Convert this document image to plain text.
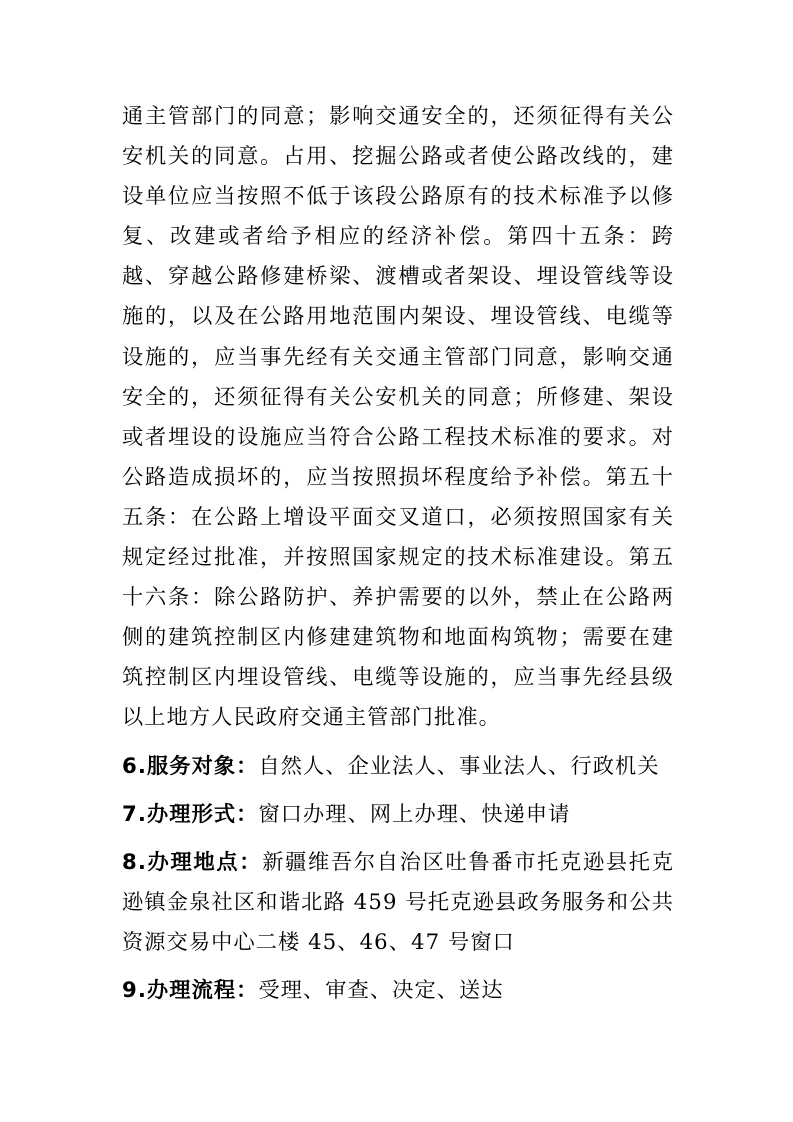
通主管部门的同意；影响交通安全的，还须征得有关公安机关的同意。占用、挖掘公路或者使公路改线的，建设单位应当按照不低于该段公路原有的技术标准予以修复、改建或者给予相应的经济补偿。第四十五条：跨越、穿越公路修建桥梁、渡槽或者架设、埋设管线等设施的，以及在公路用地范围内架设、埋设管线、电缆等设施的，应当事先经有关交通主管部门同意，影响交通安全的，还须征得有关公安机关的同意；所修建、架设或者埋设的设施应当符合公路工程技术标准的要求。对公路造成损坏的，应当按照损坏程度给予补偿。第五十五条：在公路上增设平面交叉道口，必须按照国家有关规定经过批准，并按照国家规定的技术标准建设。第五十六条：除公路防护、养护需要的以外，禁止在公路两侧的建筑控制区内修建建筑物和地面构筑物；需要在建筑控制区内埋设管线、电缆等设施的，应当事先经县级以上地方人民政府交通主管部门批准。

6.服务对象：自然人、企业法人、事业法人、行政机关

7.办理形式：窗口办理、网上办理、快递申请

8.办理地点：新疆维吾尔自治区吐鲁番市托克逊县托克逊镇金泉社区和谐北路 459 号托克逊县政务服务和公共资源交易中心二楼 45、46、47 号窗口

9.办理流程：受理、审查、决定、送达
